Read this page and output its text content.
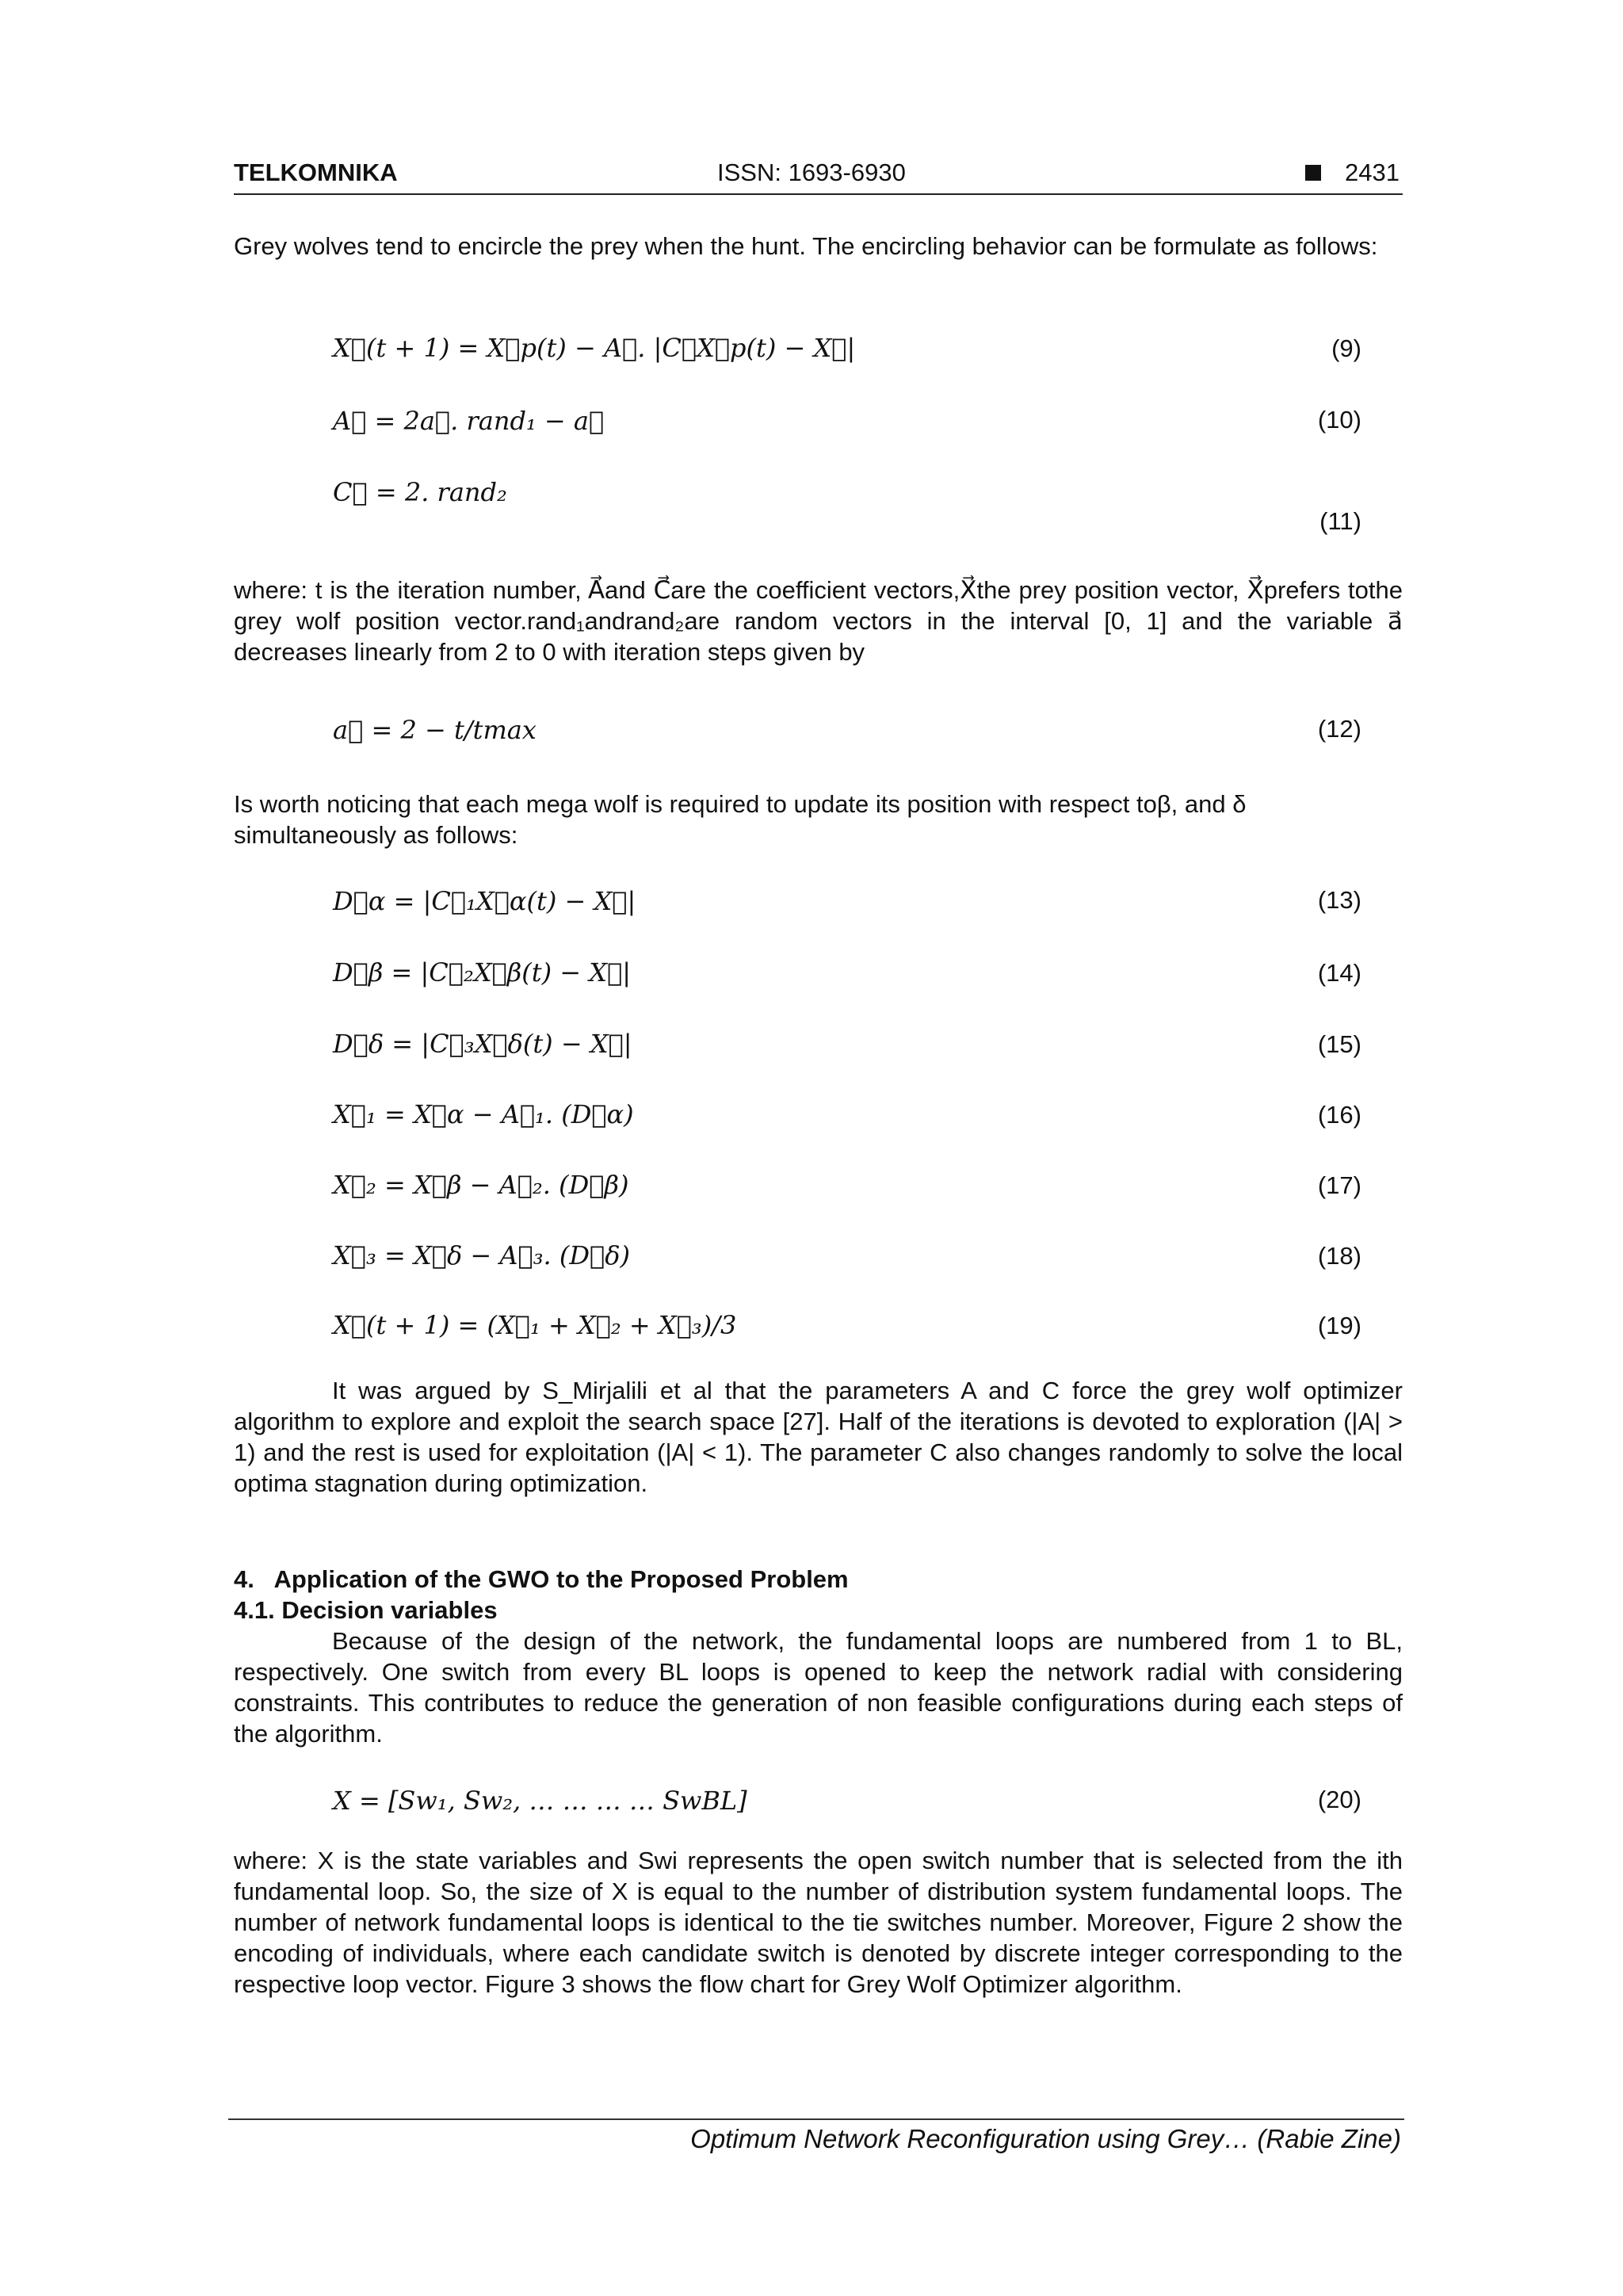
TELKOMNIKA	ISSN: 1693-6930	2431
Grey wolves tend to encircle the prey when the hunt. The encircling behavior can be formulate as follows:
X⃗(t + 1) = X⃗p(t) − A⃗. |C⃗X⃗p(t) − X⃗|	(9)
A⃗ = 2a⃗. rand₁ − a⃗	(10)
C⃗ = 2. rand₂
(11)
where: t is the iteration number, A⃗and C⃗are the coefficient vectors,X⃗the prey position vector, X⃗prefers tothe grey wolf position vector.rand₁andrand₂are random vectors in the interval [0, 1] and the variable a⃗ decreases linearly from 2 to 0 with iteration steps given by
a⃗ = 2 − t/tmax	(12)
Is worth noticing that each mega wolf is required to update its position with respect toβ, and δ simultaneously as follows:
D⃗α = |C⃗₁X⃗α(t) − X⃗|	(13)
D⃗β = |C⃗₂X⃗β(t) − X⃗|	(14)
D⃗δ = |C⃗₃X⃗δ(t) − X⃗|	(15)
X⃗₁ = X⃗α − A⃗₁. (D⃗α)	(16)
X⃗₂ = X⃗β − A⃗₂. (D⃗β)	(17)
X⃗₃ = X⃗δ − A⃗₃. (D⃗δ)	(18)
X⃗(t + 1) = (X⃗₁ + X⃗₂ + X⃗₃)/3	(19)
It was argued by S_Mirjalili et al that the parameters A and C force the grey wolf optimizer algorithm to explore and exploit the search space [27]. Half of the iterations is devoted to exploration (|A| > 1) and the rest is used for exploitation (|A| < 1). The parameter C also changes randomly to solve the local optima stagnation during optimization.
4.   Application of the GWO to the Proposed Problem
4.1. Decision variables
Because of the design of the network, the fundamental loops are numbered from 1 to BL, respectively. One switch from every BL loops is opened to keep the network radial with considering constraints. This contributes to reduce the generation of non feasible configurations during each steps of the algorithm.
X = [Sw₁, Sw₂, … … … … SwBL]	(20)
where: X is the state variables and Swi represents the open switch number that is selected from the ith fundamental loop. So, the size of X is equal to the number of distribution system fundamental loops. The number of network fundamental loops is identical to the tie switches number. Moreover, Figure 2 show the encoding of individuals, where each candidate switch is denoted by discrete integer corresponding to the respective loop vector. Figure 3 shows the flow chart for Grey Wolf Optimizer algorithm.
Optimum Network Reconfiguration using Grey… (Rabie Zine)
